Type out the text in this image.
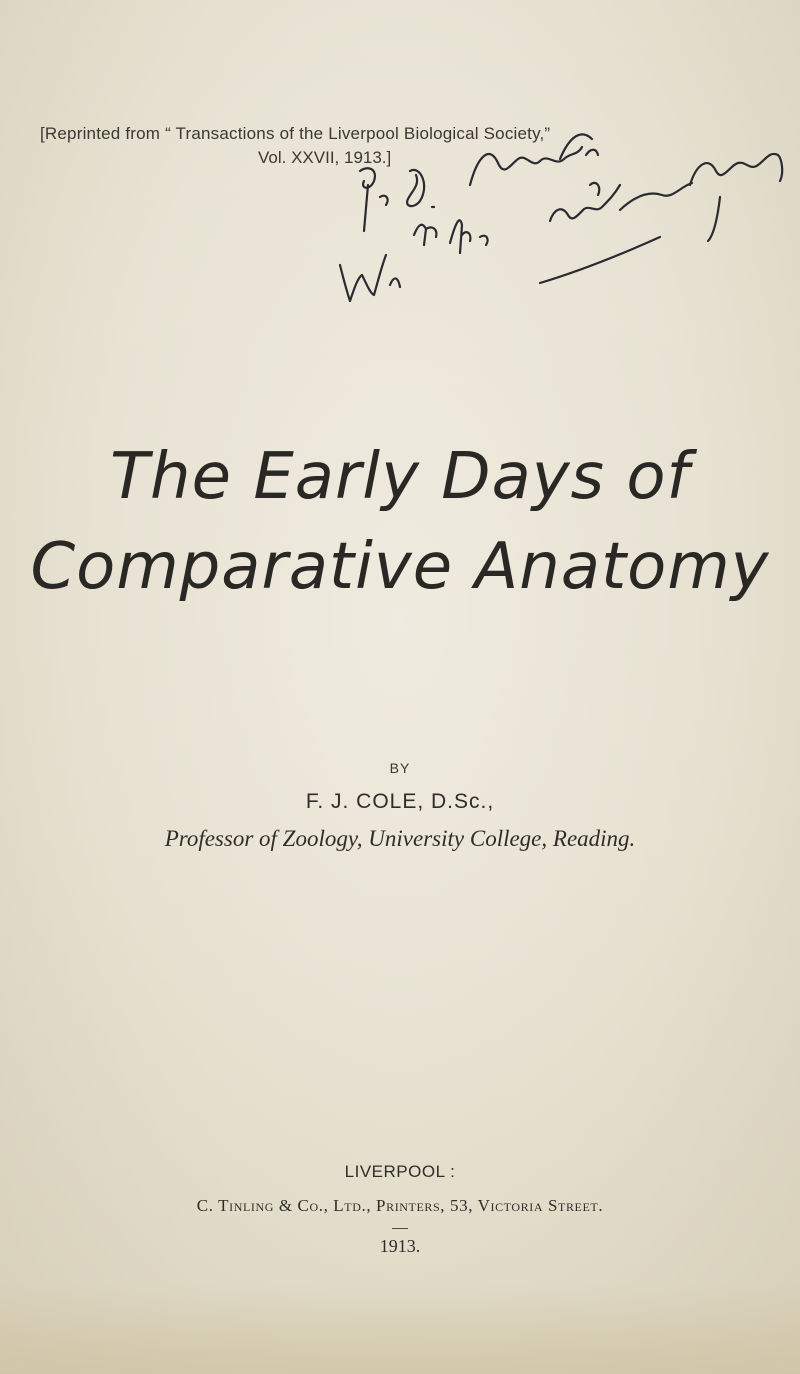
[Reprinted from “ Transactions of the Liverpool Biological Society,”
Vol. XXVII, 1913.]
The Early Days of
Comparative Anatomy
BY
F. J. COLE, D.Sc.,
Professor of Zoology, University College, Reading.
LIVERPOOL :
C. Tinling & Co., Ltd., Printers, 53, Victoria Street.
1913.
